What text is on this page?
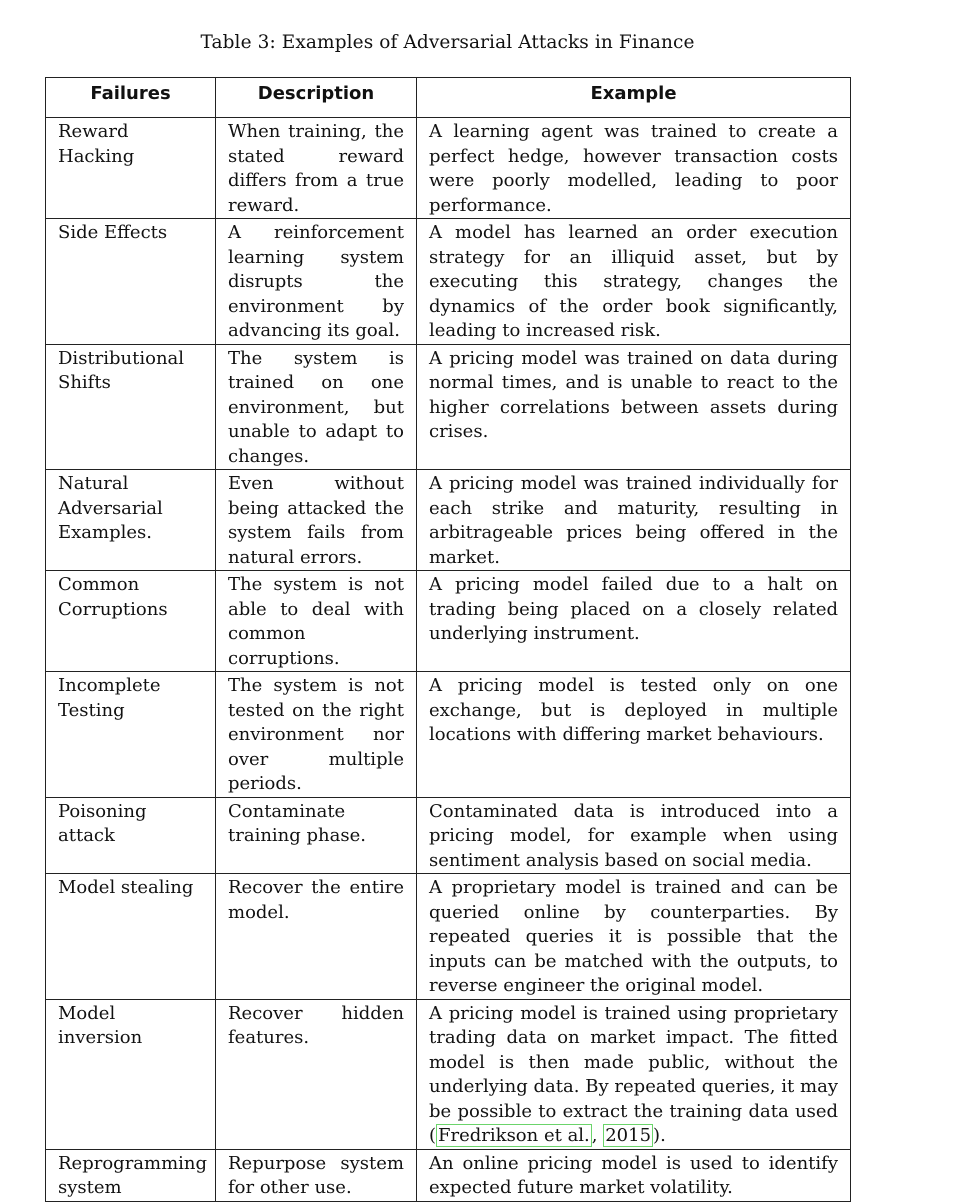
Table 3: Examples of Adversarial Attacks in Finance
Failures	Description	Example
Reward Hacking	When training, the stated reward differs from a true reward.	A learning agent was trained to create a perfect hedge, however transaction costs were poorly modelled, leading to poor performance.
Side Effects	A reinforcement learning system disrupts the environment by advancing its goal.	A model has learned an order execution strategy for an illiquid asset, but by executing this strategy, changes the dynamics of the order book significantly, leading to increased risk.
Distributional Shifts	The system is trained on one environment, but unable to adapt to changes.	A pricing model was trained on data during normal times, and is unable to react to the higher correlations between assets during crises.
Natural Adversarial Examples.	Even without being attacked the system fails from natural errors.	A pricing model was trained individually for each strike and maturity, resulting in arbitrageable prices being offered in the market.
Common Corruptions	The system is not able to deal with common corruptions.	A pricing model failed due to a halt on trading being placed on a closely related underlying instrument.
Incomplete Testing	The system is not tested on the right environment nor over multiple periods.	A pricing model is tested only on one exchange, but is deployed in multiple locations with differing market behaviours.
Poisoning attack	Contaminate training phase.	Contaminated data is introduced into a pricing model, for example when using sentiment analysis based on social media.
Model stealing	Recover the entire model.	A proprietary model is trained and can be queried online by counterparties. By repeated queries it is possible that the inputs can be matched with the outputs, to reverse engineer the original model.
Model inversion	Recover hidden features.	A pricing model is trained using proprietary trading data on market impact. The fitted model is then made public, without the underlying data. By repeated queries, it may be possible to extract the training data used ( Fredrikson et al. , 2015 ).
Reprogramming system	Repurpose system for other use.	An online pricing model is used to identify expected future market volatility.
